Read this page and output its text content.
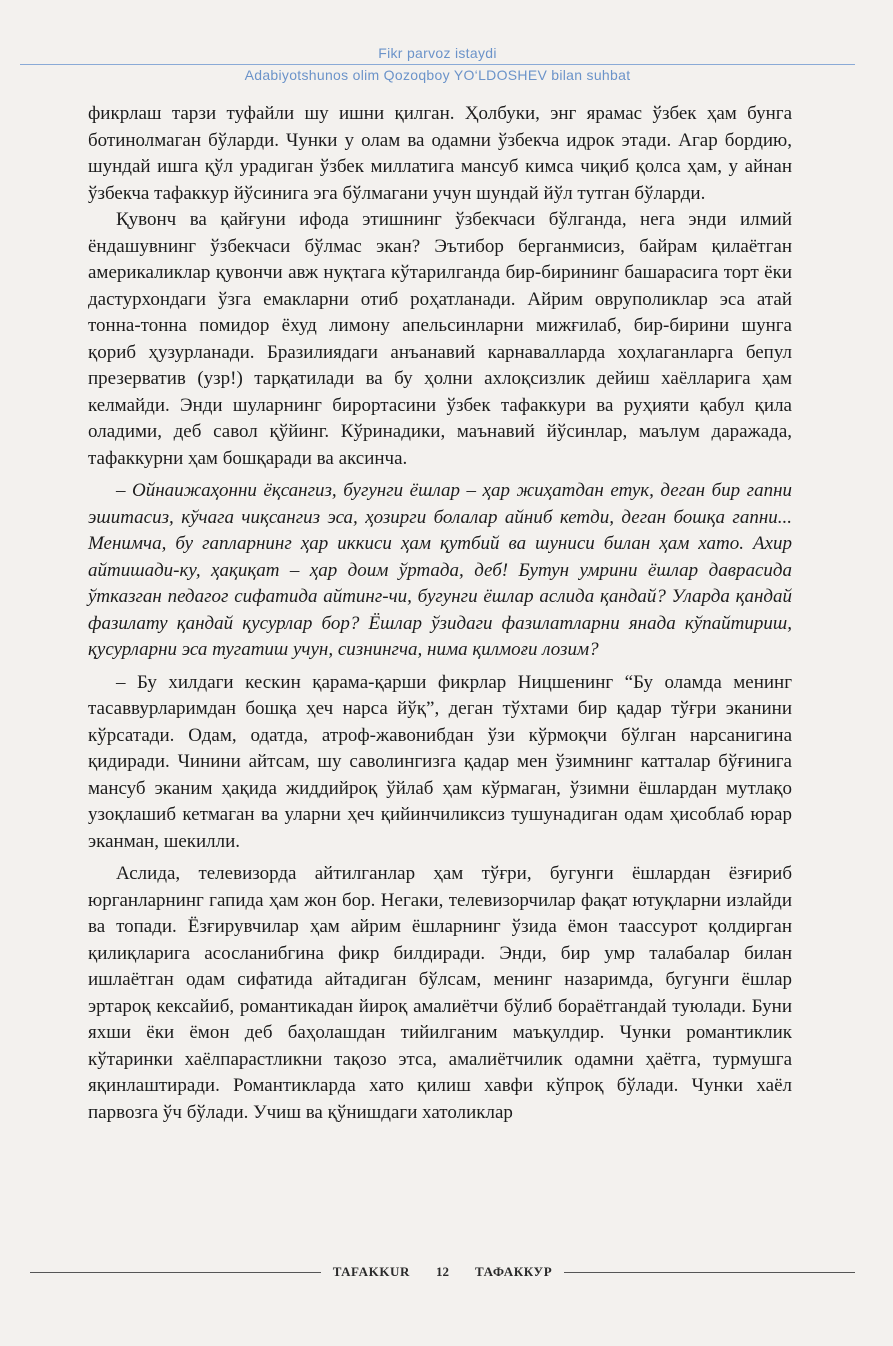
Fikr parvoz istaydi
Adabiyotshunos olim Qozoqboy YO‘LDOSHEV bilan suhbat

фикрлаш тарзи туфайли шу ишни қилган. Ҳолбуки, энг ярамас ўзбек ҳам бунга ботинолмаган бўларди. Чунки у олам ва одамни ўзбекча идрок этади. Агар бордию, шундай ишга қўл урадиган ўзбек миллатига мансуб кимса чиқиб қолса ҳам, у айнан ўзбекча тафаккур йўсинига эга бўлмагани учун шундай йўл тутган бўларди.

Қувонч ва қайғуни ифода этишнинг ўзбекчаси бўлганда, нега энди илмий ёндашувнинг ўзбекчаси бўлмас экан? Эътибор берганмисиз, байрам қилаётган америкаликлар қувончи авж нуқтага кўтарилганда бир-бирининг башарасига торт ёки дастурхондаги ўзга емакларни отиб роҳатланади. Айрим овруполиклар эса атай тонна-тонна помидор ёхуд лимону апельсинларни мижғилаб, бир-бирини шунга қориб ҳузурланади. Бразилиядаги анъанавий карнавалларда хоҳлаганларга бепул презерватив (узр!) тарқатилади ва бу ҳолни ахлоқсизлик дейиш хаёлларига ҳам келмайди. Энди шуларнинг бирортасини ўзбек тафаккури ва руҳияти қабул қила оладими, деб савол қўйинг. Кўринадики, маънавий йўсинлар, маълум даражада, тафаккурни ҳам бошқаради ва аксинча.

– Ойнаижаҳонни ёқсангиз, бугунги ёшлар – ҳар жиҳатдан етук, деган бир гапни эшитасиз, кўчага чиқсангиз эса, ҳозирги болалар айниб кетди, деган бошқа гапни... Менимча, бу гапларнинг ҳар иккиси ҳам қутбий ва шуниси билан ҳам хато. Ахир айтишади-ку, ҳақиқат – ҳар доим ўртада, деб! Бутун умрини ёшлар даврасида ўтказган педагог сифатида айтинг-чи, бугунги ёшлар аслида қандай? Уларда қандай фазилату қандай қусурлар бор? Ёшлар ўзидаги фазилатларни янада кўпайтириш, қусурларни эса тугатиш учун, сизнингча, нима қилмоғи лозим?

– Бу хилдаги кескин қарама-қарши фикрлар Ницшенинг “Бу оламда менинг тасаввурларимдан бошқа ҳеч нарса йўқ”, деган тўхтами бир қадар тўғри эканини кўрсатади. Одам, одатда, атроф-жавонибдан ўзи кўрмоқчи бўлган нарсанигина қидиради. Чинини айтсам, шу саволингизга қадар мен ўзимнинг катталар бўғинига мансуб эканим ҳақида жиддийроқ ўйлаб ҳам кўрмаган, ўзимни ёшлардан мутлақо узоқлашиб кетмаган ва уларни ҳеч қийинчиликсиз тушунадиган одам ҳисоблаб юрар эканман, шекилли.

Аслида, телевизорда айтилганлар ҳам тўғри, бугунги ёшлардан ёзғириб юрганларнинг гапида ҳам жон бор. Негаки, телевизорчилар фақат ютуқларни излайди ва топади. Ёзғирувчилар ҳам айрим ёшларнинг ўзида ёмон таассурот қолдирган қилиқларига асосланибгина фикр билдиради. Энди, бир умр талабалар билан ишлаётган одам сифатида айтадиган бўлсам, менинг назаримда, бугунги ёшлар эртароқ кексайиб, романтикадан йироқ амалиётчи бўлиб бораётгандай туюлади. Буни яхши ёки ёмон деб баҳолашдан тийилганим маъқулдир. Чунки романтиклик кўтаринки хаёлпарастликни тақозо этса, амалиётчилик одамни ҳаётга, турмушга яқинлаштиради. Романтикларда хато қилиш хавфи кўпроқ бўлади. Чунки хаёл парвозга ўч бўлади. Учиш ва қўнишдаги хатоликлар

TAFAKKUR	12	ТАФАККУР
